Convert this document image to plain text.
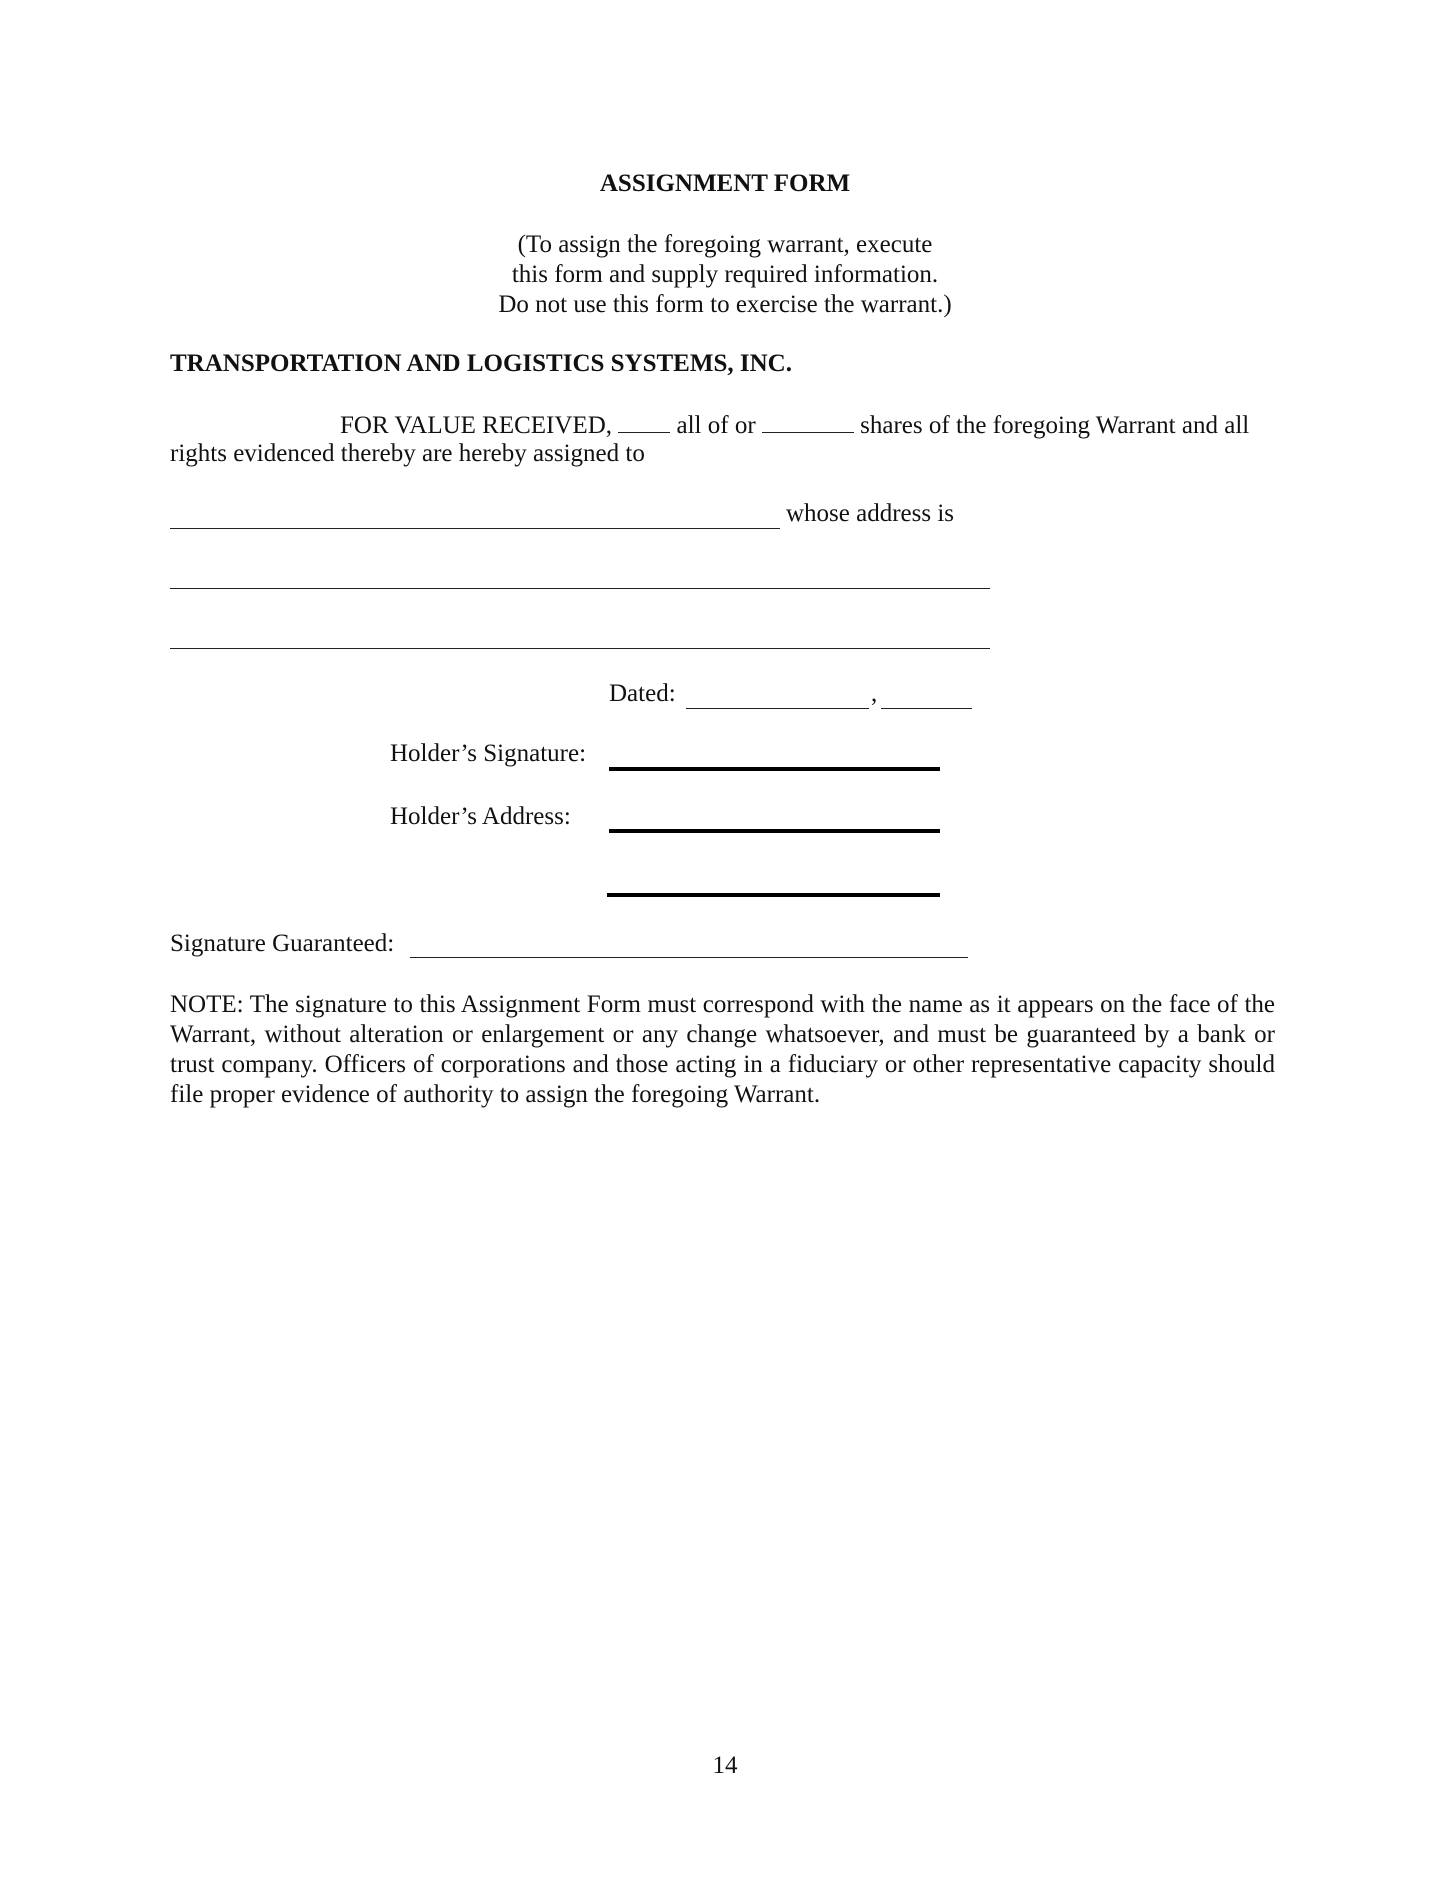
ASSIGNMENT FORM
(To assign the foregoing warrant, execute
this form and supply required information.
Do not use this form to exercise the warrant.)
TRANSPORTATION AND LOGISTICS SYSTEMS, INC.
FOR VALUE RECEIVED,	all of or	shares of the foregoing Warrant and all
rights evidenced thereby are hereby assigned to
whose address is
Dated:	,
Holder’s Signature:
Holder’s Address:
Signature Guaranteed:
NOTE: The signature to this Assignment Form must correspond with the name as it appears on the face of the Warrant, without alteration or enlargement or any change whatsoever, and must be guaranteed by a bank or trust company. Officers of corporations and those acting in a fiduciary or other representative capacity should file proper evidence of authority to assign the foregoing Warrant.
14
